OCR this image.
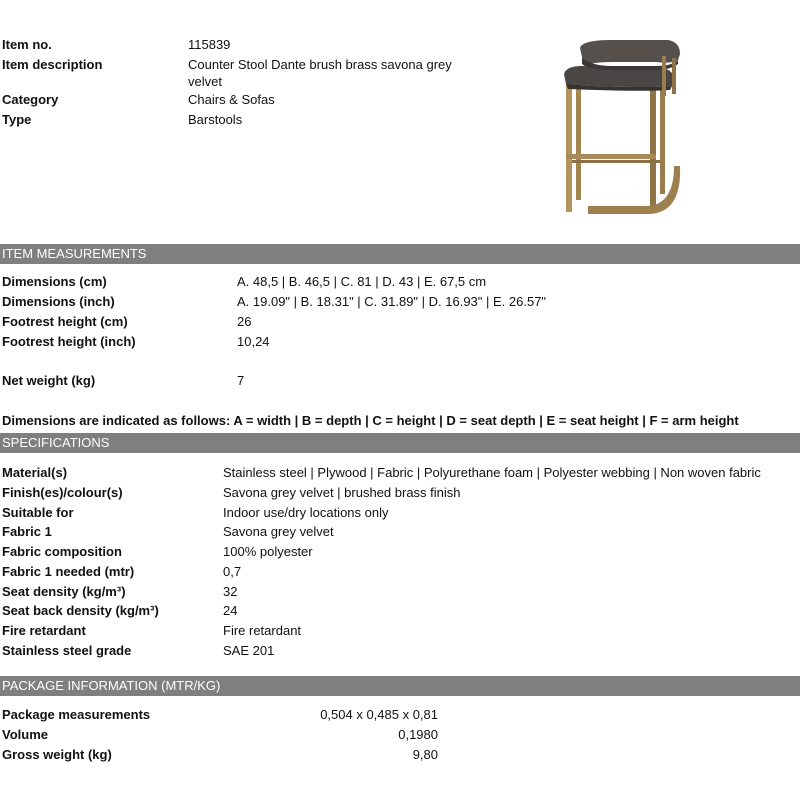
Item no.	115839
Item description	Counter Stool Dante brush brass savona grey
velvet
Category	Chairs & Sofas
Type	Barstools
ITEM MEASUREMENTS
Dimensions (cm)	A. 48,5 | B. 46,5 | C. 81 | D. 43 | E. 67,5 cm
Dimensions (inch)	A. 19.09" | B. 18.31" | C. 31.89" | D. 16.93" | E. 26.57"
Footrest height (cm)	26
Footrest height (inch)	10,24
Net weight (kg)	7
Dimensions are indicated as follows: A = width | B = depth | C = height | D = seat depth | E = seat height | F = arm height
SPECIFICATIONS
Material(s)	Stainless steel | Plywood | Fabric | Polyurethane foam | Polyester webbing | Non woven fabric
Finish(es)/colour(s)	Savona grey velvet | brushed brass finish
Suitable for	Indoor use/dry locations only
Fabric 1	Savona grey velvet
Fabric composition	100% polyester
Fabric 1 needed (mtr)	0,7
Seat density (kg/m³)	32
Seat back density (kg/m³)	24
Fire retardant	Fire retardant
Stainless steel grade	SAE 201
PACKAGE INFORMATION (MTR/KG)
Package measurements	0,504 x 0,485 x 0,81
Volume	0,1980
Gross weight (kg)	9,80
